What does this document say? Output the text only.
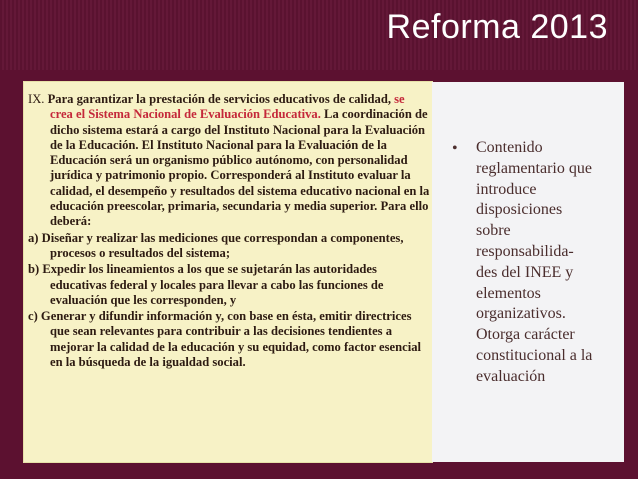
Reforma 2013

IX. Para garantizar la prestación de servicios educativos de calidad, se crea el Sistema Nacional de Evaluación Educativa. La coordinación de dicho sistema estará a cargo del Instituto Nacional para la Evaluación de la Educación. El Instituto Nacional para la Evaluación de la Educación será un organismo público autónomo, con personalidad jurídica y patrimonio propio. Corresponderá al Instituto evaluar la calidad, el desempeño y resultados del sistema educativo nacional en la educación preescolar, primaria, secundaria y media superior. Para ello deberá:

a) Diseñar y realizar las mediciones que correspondan a componentes, procesos o resultados del sistema;

b) Expedir los lineamientos a los que se sujetarán las autoridades educativas federal y locales para llevar a cabo las funciones de evaluación que les corresponden, y

c) Generar y difundir información y, con base en ésta, emitir directrices que sean relevantes para contribuir a las decisiones tendientes a mejorar la calidad de la educación y su equidad, como factor esencial en la búsqueda de la igualdad social.

• Contenido
reglamentario que
introduce
disposiciones
sobre
responsabilida-
des del INEE y
elementos
organizativos.
Otorga carácter
constitucional a la
evaluación
